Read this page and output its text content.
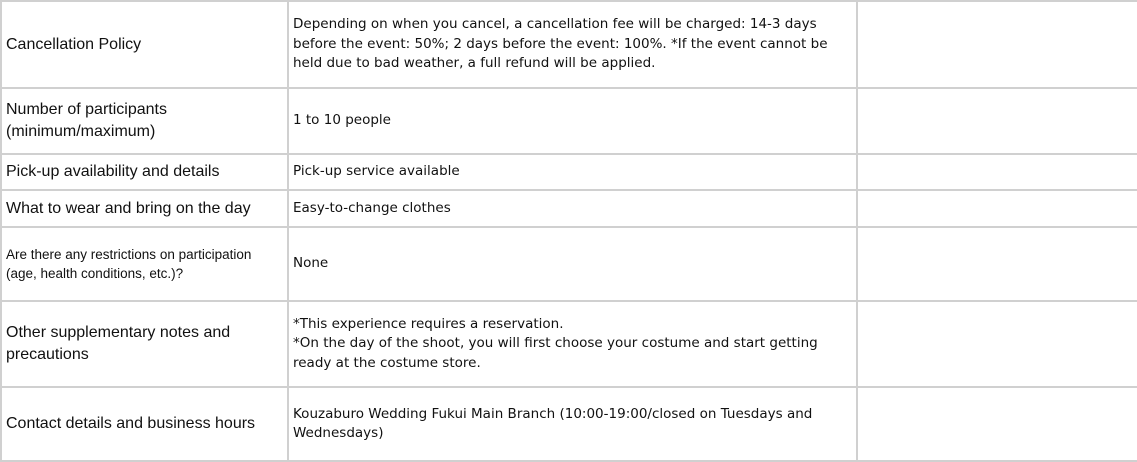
Cancellation Policy	Depending on when you cancel, a cancellation fee will be charged: 14-3 days before the event: 50%; 2 days before the event: 100%. *If the event cannot be held due to bad weather, a full refund will be applied.	
Number of participants (minimum/maximum)	1 to 10 people	
Pick-up availability and details	Pick-up service available	
What to wear and bring on the day	Easy-to-change clothes	
Are there any restrictions on participation (age, health conditions, etc.)?	None	
Other supplementary notes and precautions	*This experience requires a reservation.
*On the day of the shoot, you will first choose your costume and start getting ready at the costume store.	

Contact details and business hours	Kouzaburo Wedding Fukui Main Branch (10:00-19:00/closed on Tuesdays and Wednesdays)	
